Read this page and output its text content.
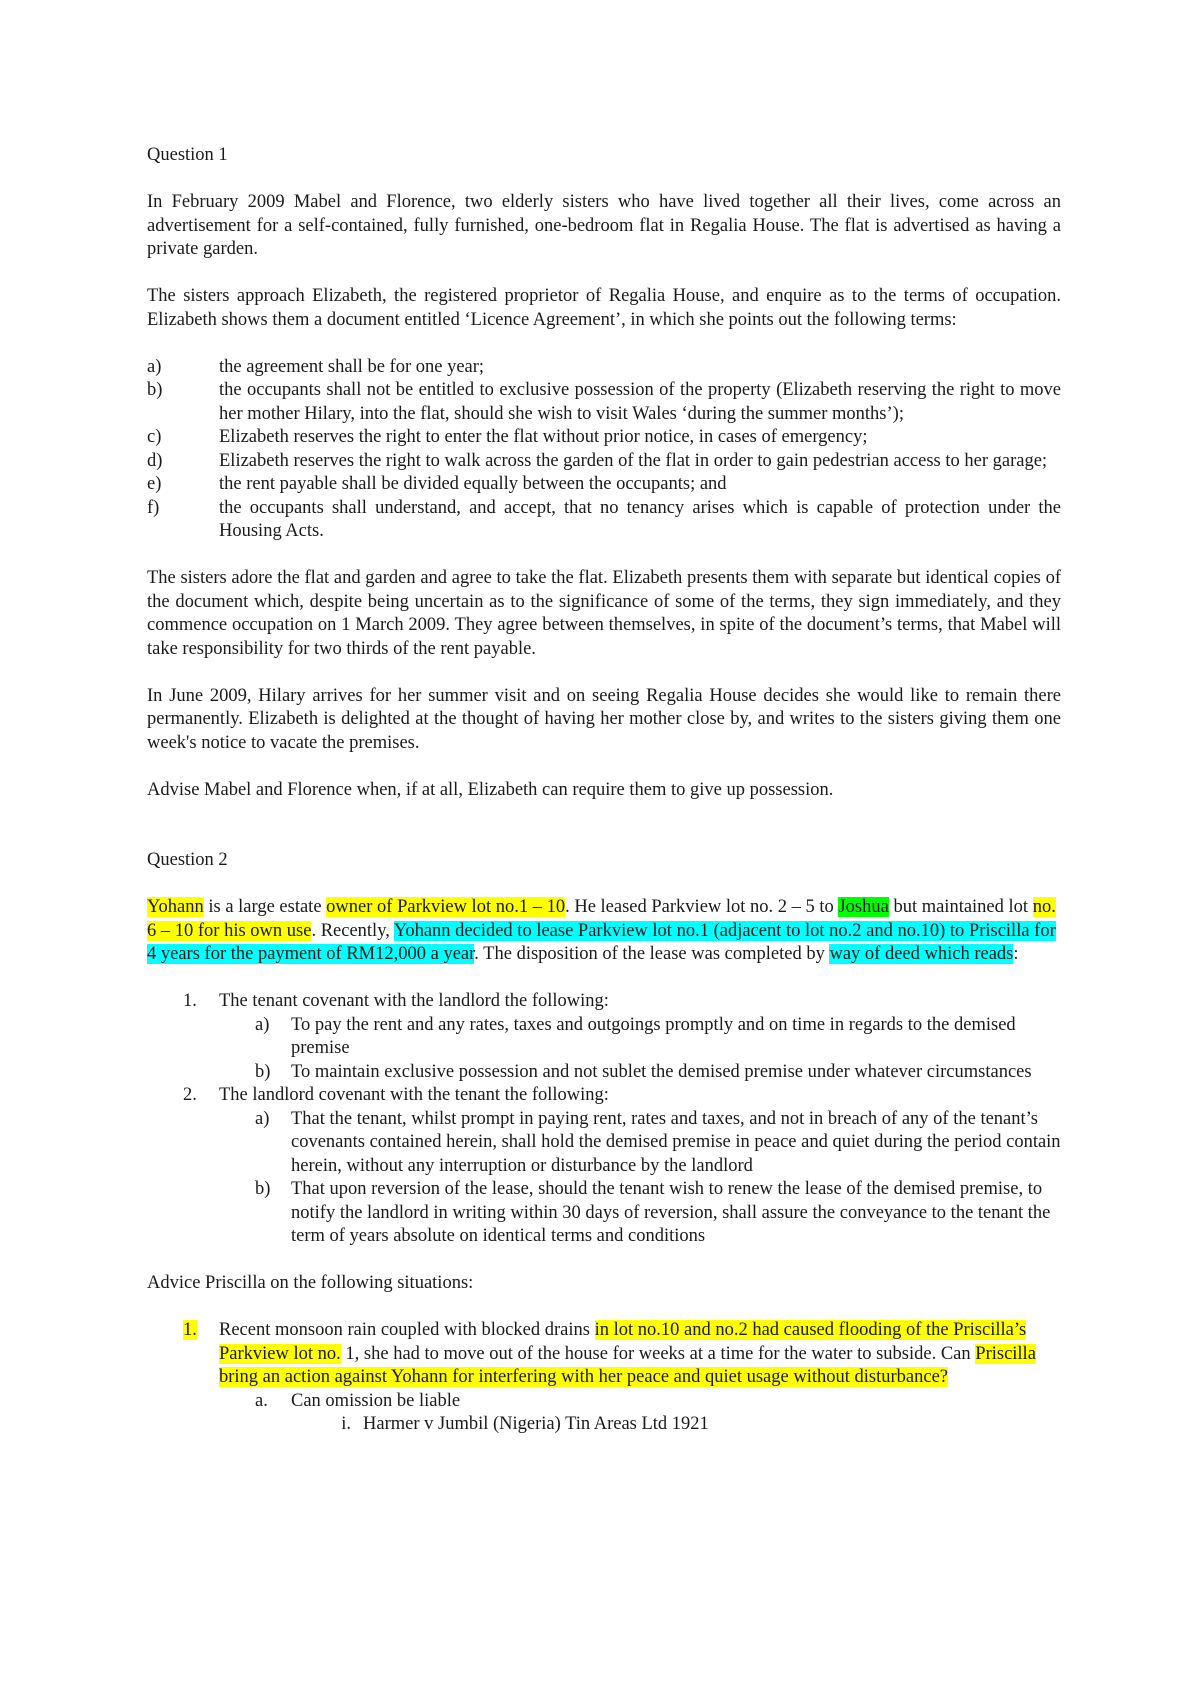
Question 1

In February 2009 Mabel and Florence, two elderly sisters who have lived together all their lives, come across an advertisement for a self-contained, fully furnished, one-bedroom flat in Regalia House. The flat is advertised as having a private garden.

The sisters approach Elizabeth, the registered proprietor of Regalia House, and enquire as to the terms of occupation. Elizabeth shows them a document entitled ‘Licence Agreement’, in which she points out the following terms:

a)	the agreement shall be for one year;
b)	the occupants shall not be entitled to exclusive possession of the property (Elizabeth reserving the right to move her mother Hilary, into the flat, should she wish to visit Wales ‘during the summer months’);
c)	Elizabeth reserves the right to enter the flat without prior notice, in cases of emergency;
d)	Elizabeth reserves the right to walk across the garden of the flat in order to gain pedestrian access to her garage;
e)	the rent payable shall be divided equally between the occupants; and
f)	the occupants shall understand, and accept, that no tenancy arises which is capable of protection under the Housing Acts.

The sisters adore the flat and garden and agree to take the flat. Elizabeth presents them with separate but identical copies of the document which, despite being uncertain as to the significance of some of the terms, they sign immediately, and they commence occupation on 1 March 2009. They agree between themselves, in spite of the document’s terms, that Mabel will take responsibility for two thirds of the rent payable.

In June 2009, Hilary arrives for her summer visit and on seeing Regalia House decides she would like to remain there permanently. Elizabeth is delighted at the thought of having her mother close by, and writes to the sisters giving them one week's notice to vacate the premises.

Advise Mabel and Florence when, if at all, Elizabeth can require them to give up possession.

Question 2

Yohann is a large estate owner of Parkview lot no.1 – 10. He leased Parkview lot no. 2 – 5 to Joshua but maintained lot no. 6 – 10 for his own use. Recently, Yohann decided to lease Parkview lot no.1 (adjacent to lot no.2 and no.10) to Priscilla for 4 years for the payment of RM12,000 a year. The disposition of the lease was completed by way of deed which reads:

1.	The tenant covenant with the landlord the following:
a)	To pay the rent and any rates, taxes and outgoings promptly and on time in regards to the demised premise
b)	To maintain exclusive possession and not sublet the demised premise under whatever circumstances
2.	The landlord covenant with the tenant the following:
a)	That the tenant, whilst prompt in paying rent, rates and taxes, and not in breach of any of the tenant’s covenants contained herein, shall hold the demised premise in peace and quiet during the period contain herein, without any interruption or disturbance by the landlord
b)	That upon reversion of the lease, should the tenant wish to renew the lease of the demised premise, to notify the landlord in writing within 30 days of reversion, shall assure the conveyance to the tenant the term of years absolute on identical terms and conditions

Advice Priscilla on the following situations:

1.	Recent monsoon rain coupled with blocked drains in lot no.10 and no.2 had caused flooding of the Priscilla’s Parkview lot no. 1, she had to move out of the house for weeks at a time for the water to subside. Can Priscilla bring an action against Yohann for interfering with her peace and quiet usage without disturbance?
a.	Can omission be liable
i. Harmer v Jumbil (Nigeria) Tin Areas Ltd 1921
